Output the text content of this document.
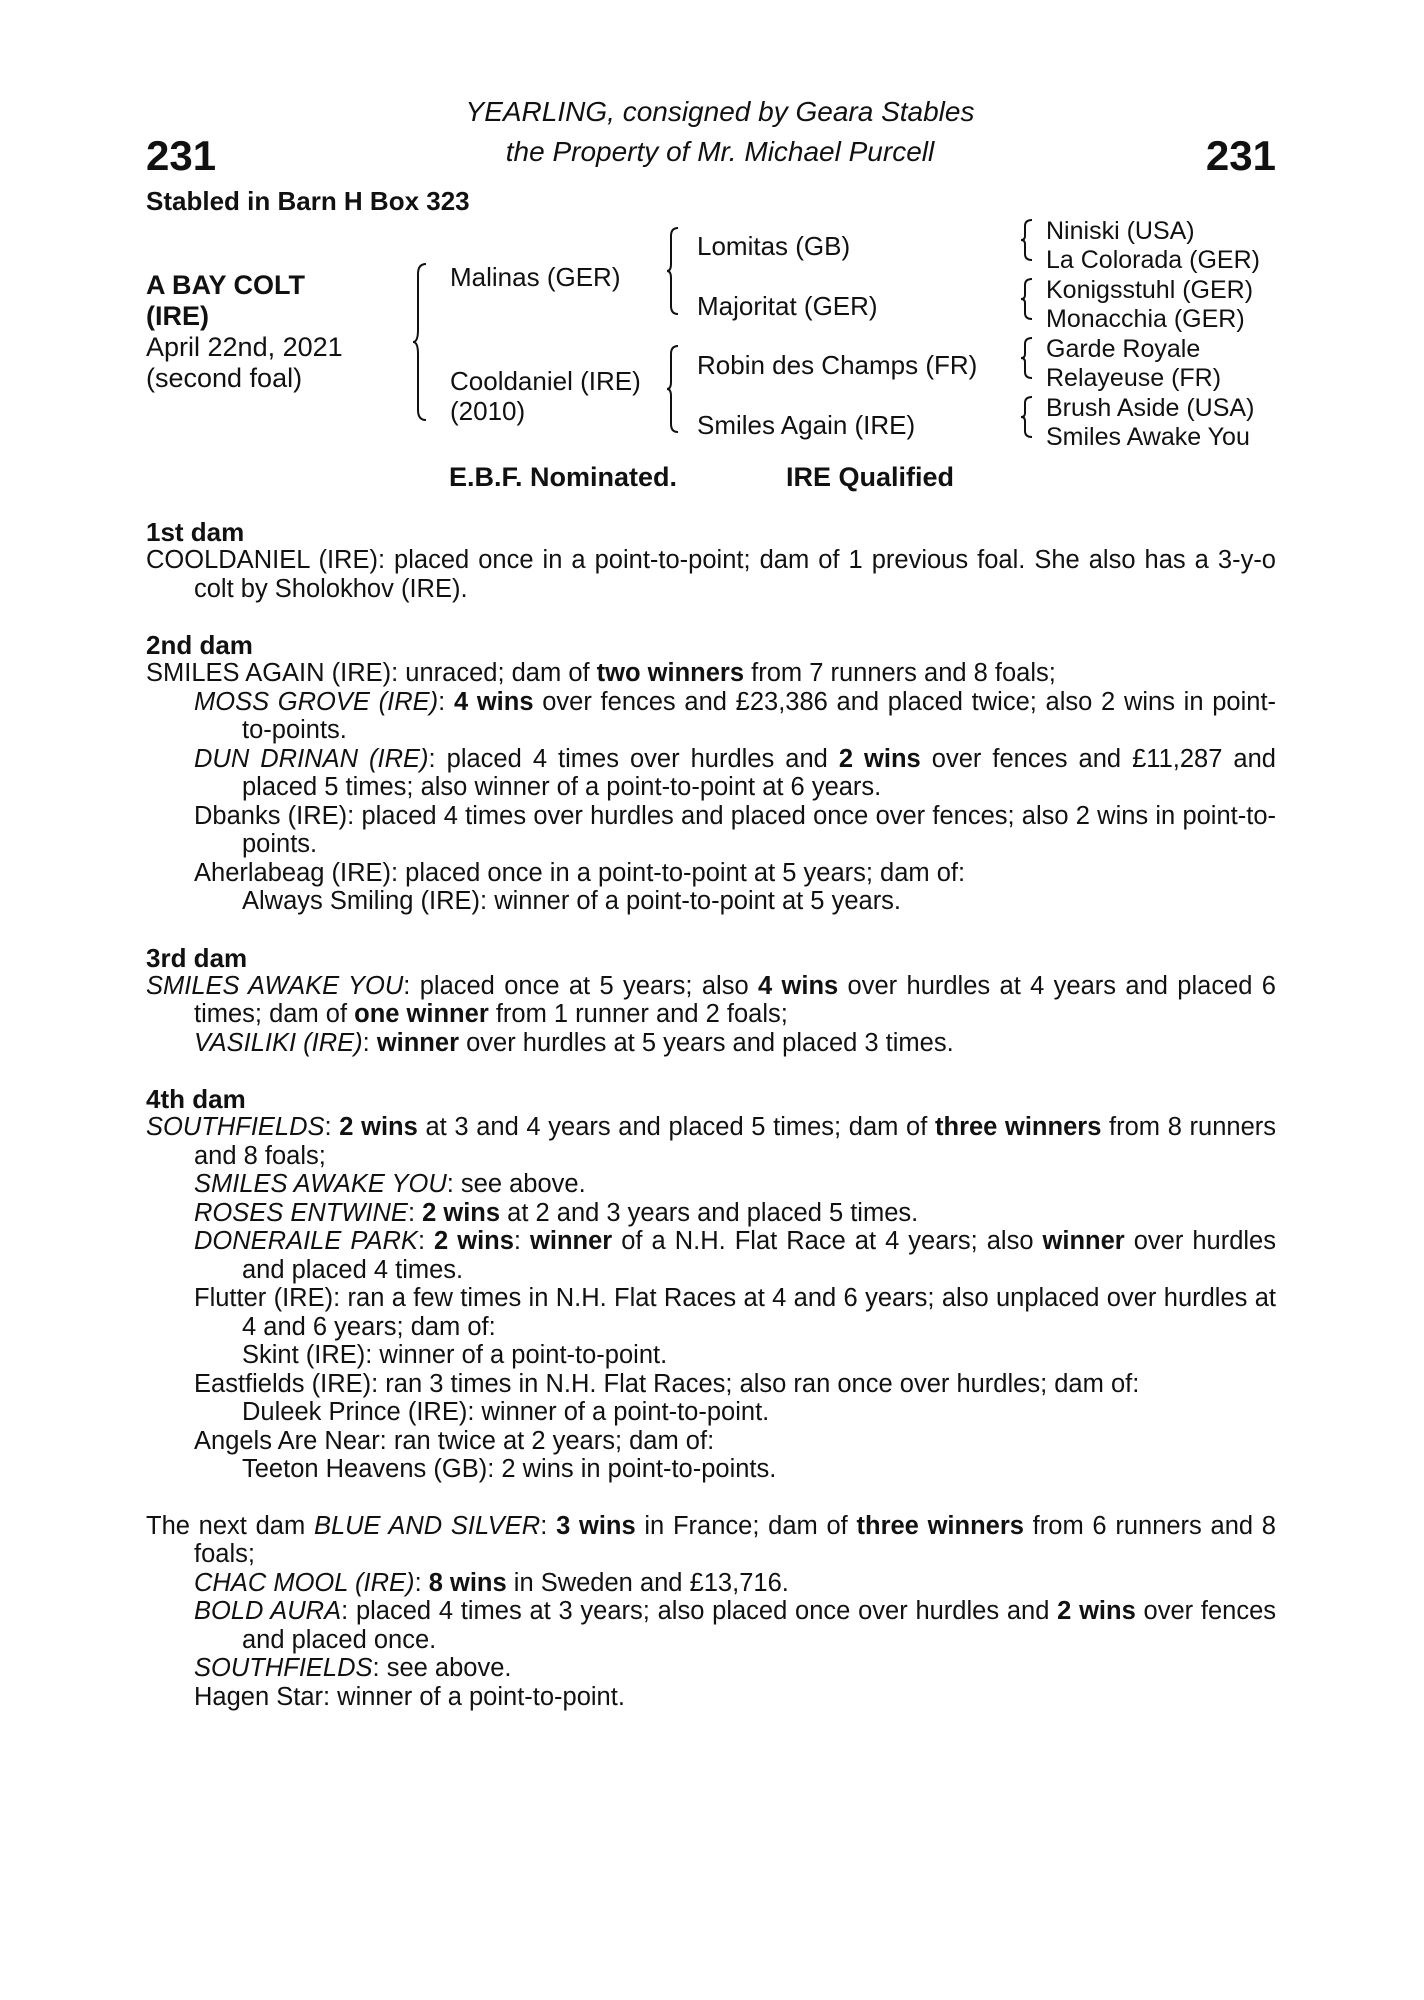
231	231
YEARLING, consigned by Geara Stables
the Property of Mr. Michael Purcell
Stabled in Barn H Box 323
A BAY COLT
(IRE)
April 22nd, 2021
(second foal)
Malinas (GER)
Cooldaniel (IRE)
(2010)
Lomitas (GB)
Majoritat (GER)
Robin des Champs (FR)
Smiles Again (IRE)
Niniski (USA)
La Colorada (GER)
Konigsstuhl (GER)
Monacchia (GER)
Garde Royale
Relayeuse (FR)
Brush Aside (USA)
Smiles Awake You
E.B.F. Nominated.	IRE Qualified
1st dam

COOLDANIEL (IRE): placed once in a point-to-point; dam of 1 previous foal. She also has a 3-y-o colt by Sholokhov (IRE).

2nd dam

SMILES AGAIN (IRE): unraced; dam of two winners from 7 runners and 8 foals;

MOSS GROVE (IRE): 4 wins over fences and £23,386 and placed twice; also 2 wins in point-to-points.

DUN DRINAN (IRE): placed 4 times over hurdles and 2 wins over fences and £11,287 and placed 5 times; also winner of a point-to-point at 6 years.

Dbanks (IRE): placed 4 times over hurdles and placed once over fences; also 2 wins in point-to-points.

Aherlabeag (IRE): placed once in a point-to-point at 5 years; dam of:

Always Smiling (IRE): winner of a point-to-point at 5 years.

3rd dam

SMILES AWAKE YOU: placed once at 5 years; also 4 wins over hurdles at 4 years and placed 6 times; dam of one winner from 1 runner and 2 foals;

VASILIKI (IRE): winner over hurdles at 5 years and placed 3 times.

4th dam

SOUTHFIELDS: 2 wins at 3 and 4 years and placed 5 times; dam of three winners from 8 runners and 8 foals;

SMILES AWAKE YOU: see above.

ROSES ENTWINE: 2 wins at 2 and 3 years and placed 5 times.

DONERAILE PARK: 2 wins: winner of a N.H. Flat Race at 4 years; also winner over hurdles and placed 4 times.

Flutter (IRE): ran a few times in N.H. Flat Races at 4 and 6 years; also unplaced over hurdles at 4 and 6 years; dam of:

Skint (IRE): winner of a point-to-point.

Eastfields (IRE): ran 3 times in N.H. Flat Races; also ran once over hurdles; dam of:

Duleek Prince (IRE): winner of a point-to-point.

Angels Are Near: ran twice at 2 years; dam of:

Teeton Heavens (GB): 2 wins in point-to-points.

The next dam BLUE AND SILVER: 3 wins in France; dam of three winners from 6 runners and 8 foals;

CHAC MOOL (IRE): 8 wins in Sweden and £13,716.

BOLD AURA: placed 4 times at 3 years; also placed once over hurdles and 2 wins over fences and placed once.

SOUTHFIELDS: see above.

Hagen Star: winner of a point-to-point.
